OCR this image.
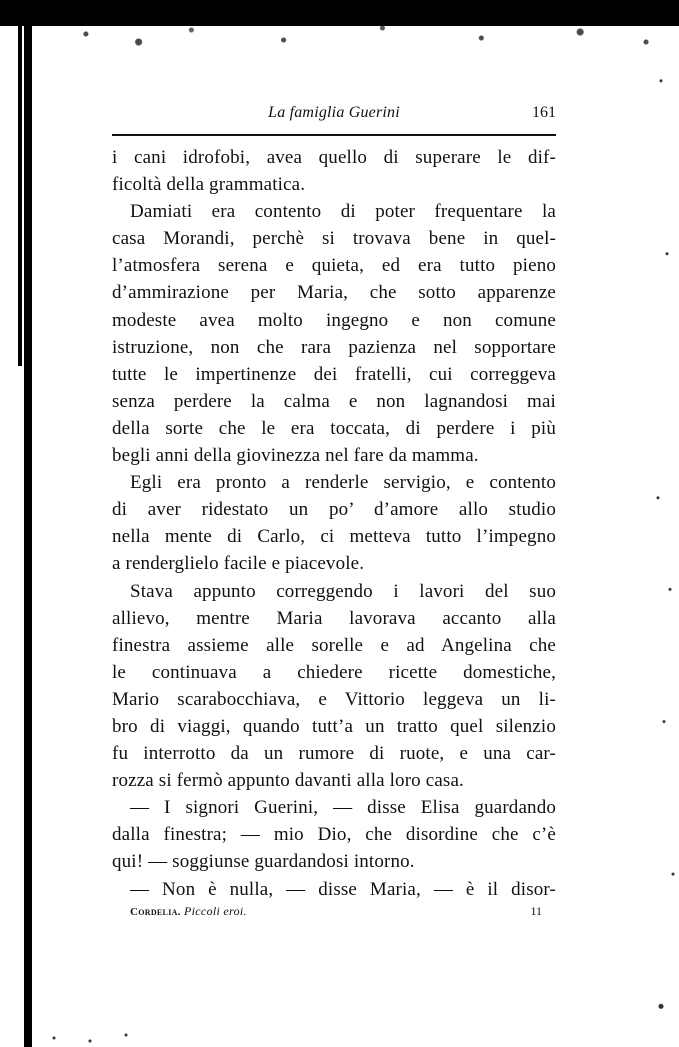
La famiglia Guerini	161
i cani idrofobi, avea quello di superare le dif-
ficoltà della grammatica.
Damiati era contento di poter frequentare la
casa Morandi, perchè si trovava bene in quel-
l’atmosfera serena e quieta, ed era tutto pieno
d’ammirazione per Maria, che sotto apparenze
modeste avea molto ingegno e non comune
istruzione, non che rara pazienza nel sopportare
tutte le impertinenze dei fratelli, cui correggeva
senza perdere la calma e non lagnandosi mai
della sorte che le era toccata, di perdere i più
begli anni della giovinezza nel fare da mamma.
Egli era pronto a renderle servigio, e contento
di aver ridestato un po’ d’amore allo studio
nella mente di Carlo, ci metteva tutto l’impegno
a renderglielo facile e piacevole.
Stava appunto correggendo i lavori del suo
allievo, mentre Maria lavorava accanto alla
finestra assieme alle sorelle e ad Angelina che
le continuava a chiedere ricette domestiche,
Mario scarabocchiava, e Vittorio leggeva un li-
bro di viaggi, quando tutt’a un tratto quel silenzio
fu interrotto da un rumore di ruote, e una car-
rozza si fermò appunto davanti alla loro casa.
— I signori Guerini, — disse Elisa guardando
dalla finestra; — mio Dio, che disordine che c’è
qui! — soggiunse guardandosi intorno.
— Non è nulla, — disse Maria, — è il disor-
Cordelia. Piccoli eroi.	11
